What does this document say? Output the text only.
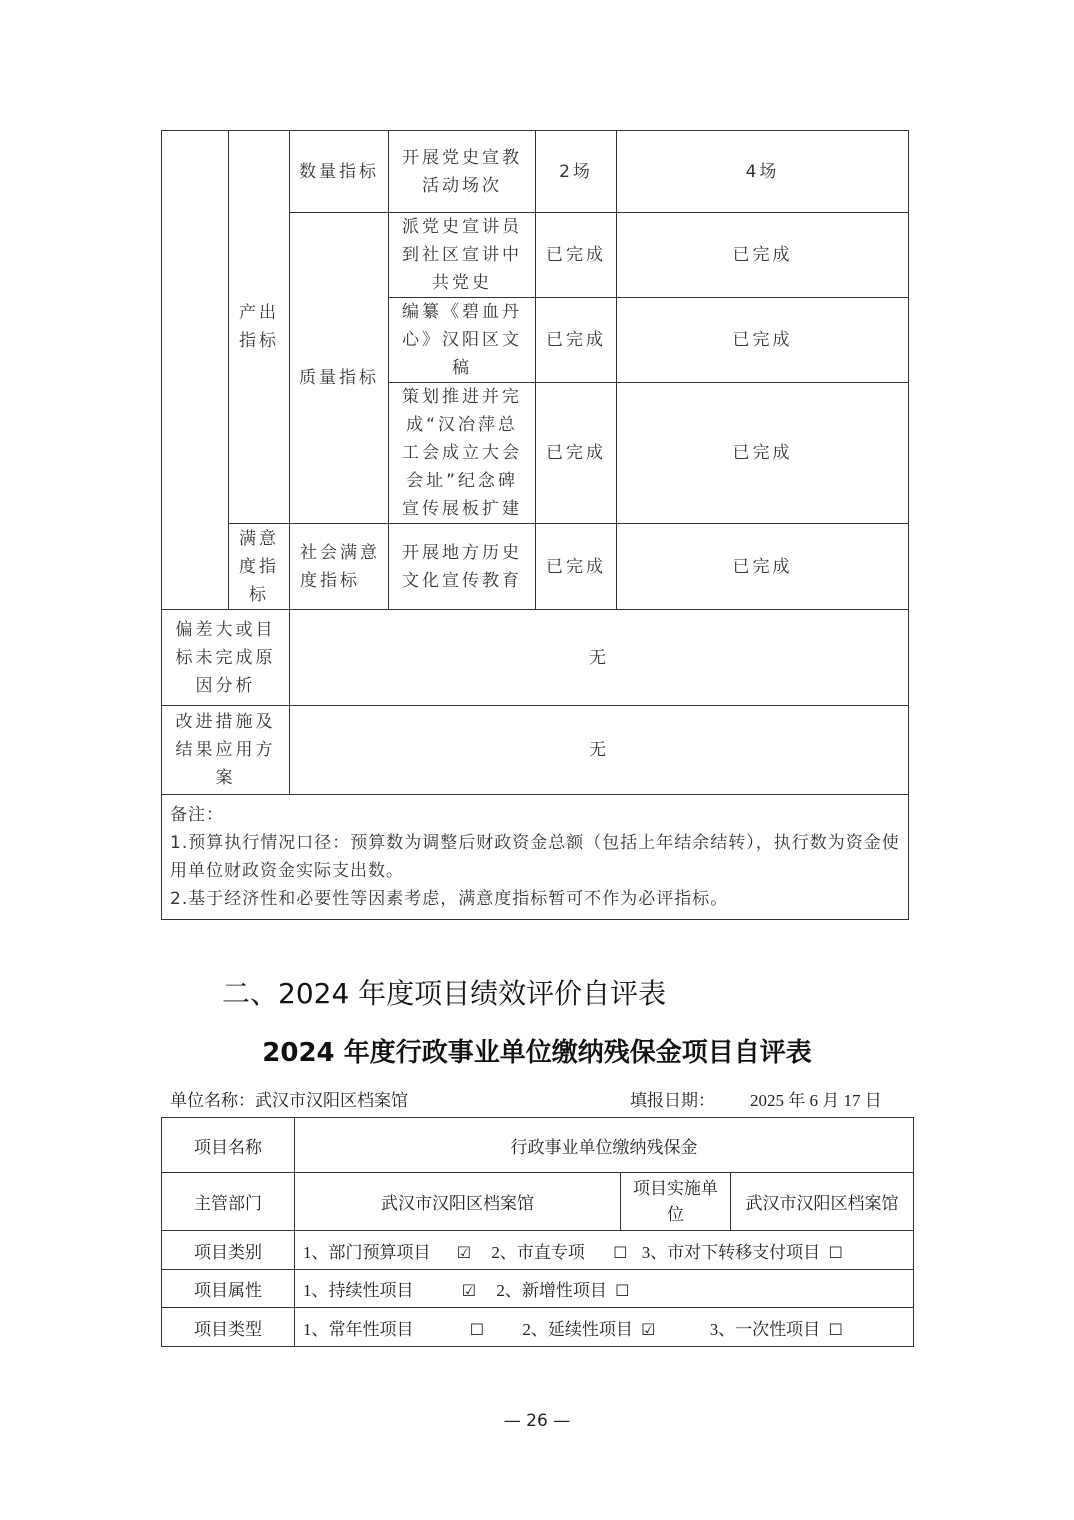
	产出指标	数量指标	开展党史宣教活动场次	2场	4场
		质量指标	派党史宣讲员到社区宣讲中共党史	已完成	已完成

			编纂《碧血丹心》汉阳区文稿	已完成	已完成

			策划推进并完成“汉冶萍总工会成立大会会址”纪念碑宣传展板扩建	已完成	已完成

	满意度指标	社会满意度指标	开展地方历史文化宣传教育	已完成	已完成

偏差大或目标未完成原因分析		无			

改进措施及结果应用方案		无			

备注：
1.预算执行情况口径：预算数为调整后财政资金总额（包括上年结余结转），执行数为资金使用单位财政资金实际支出数。
2.基于经济性和必要性等因素考虑，满意度指标暂可不作为必评指标。					
二、2024 年度项目绩效评价自评表
2024 年度行政事业单位缴纳残保金项目自评表
单位名称：武汉市汉阳区档案馆	填报日期： 2025 年 6 月 17 日
项目名称	行政事业单位缴纳残保金		
主管部门	武汉市汉阳区档案馆	项目实施单位	武汉市汉阳区档案馆
项目类别	1、部门预算项目 ☑ 2、市直专项 ☐ 3、市对下转移支付项目 ☐		
项目属性	1、持续性项目 ☑ 2、新增性项目 ☐		
项目类型	1、常年性项目 ☐ 2、延续性项目 ☑ 3、一次性项目 ☐		
— 26 —
